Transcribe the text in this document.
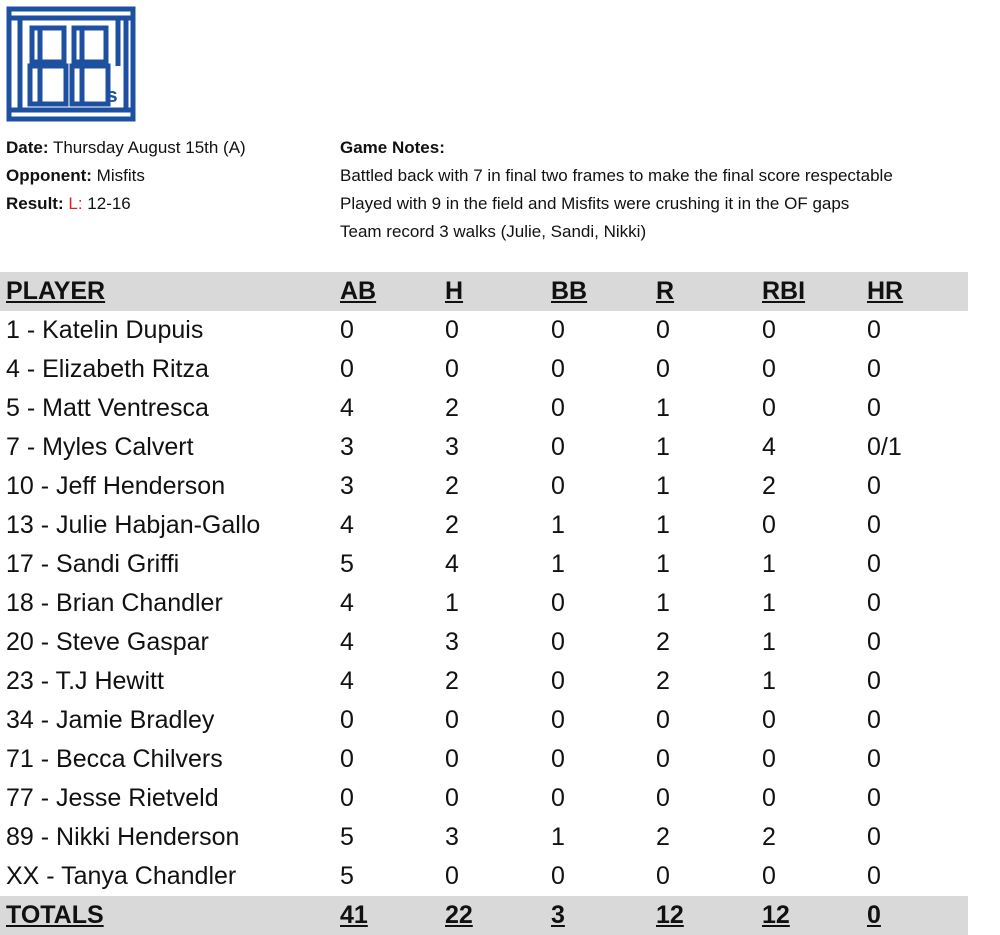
s
Date: Thursday August 15th (A)
Opponent: Misfits
Result: L: 12-16
Game Notes:
Battled back with 7 in final two frames to make the final score respectable
Played with 9 in the field and Misfits were crushing it in the OF gaps
Team record 3 walks (Julie, Sandi, Nikki)
PLAYER	AB	H	BB	R	RBI HR
1 - Katelin Dupuis	0	0	0	0	0	0
4 - Elizabeth Ritza	0	0	0	0	0	0
5 - Matt Ventresca	4	2	0	1	0	0
7 - Myles Calvert	3	3	0	1	4	0/1
10 - Jeff Henderson	3	2	0	1	2	0
13 - Julie Habjan-Gallo	4	2	1	1	0	0
17 - Sandi Griffi	5	4	1	1	1	0
18 - Brian Chandler	4	1	0	1	1	0
20 - Steve Gaspar	4	3	0	2	1	0
23 - T.J Hewitt	4	2	0	2	1	0
34 - Jamie Bradley	0	0	0	0	0	0
71 - Becca Chilvers	0	0	0	0	0	0
77 - Jesse Rietveld	0	0	0	0	0	0
89 - Nikki Henderson	5	3	1	2	2	0
XX - Tanya Chandler	5	0	0	0	0	0
TOTALS	41	22	3	12	12	0
